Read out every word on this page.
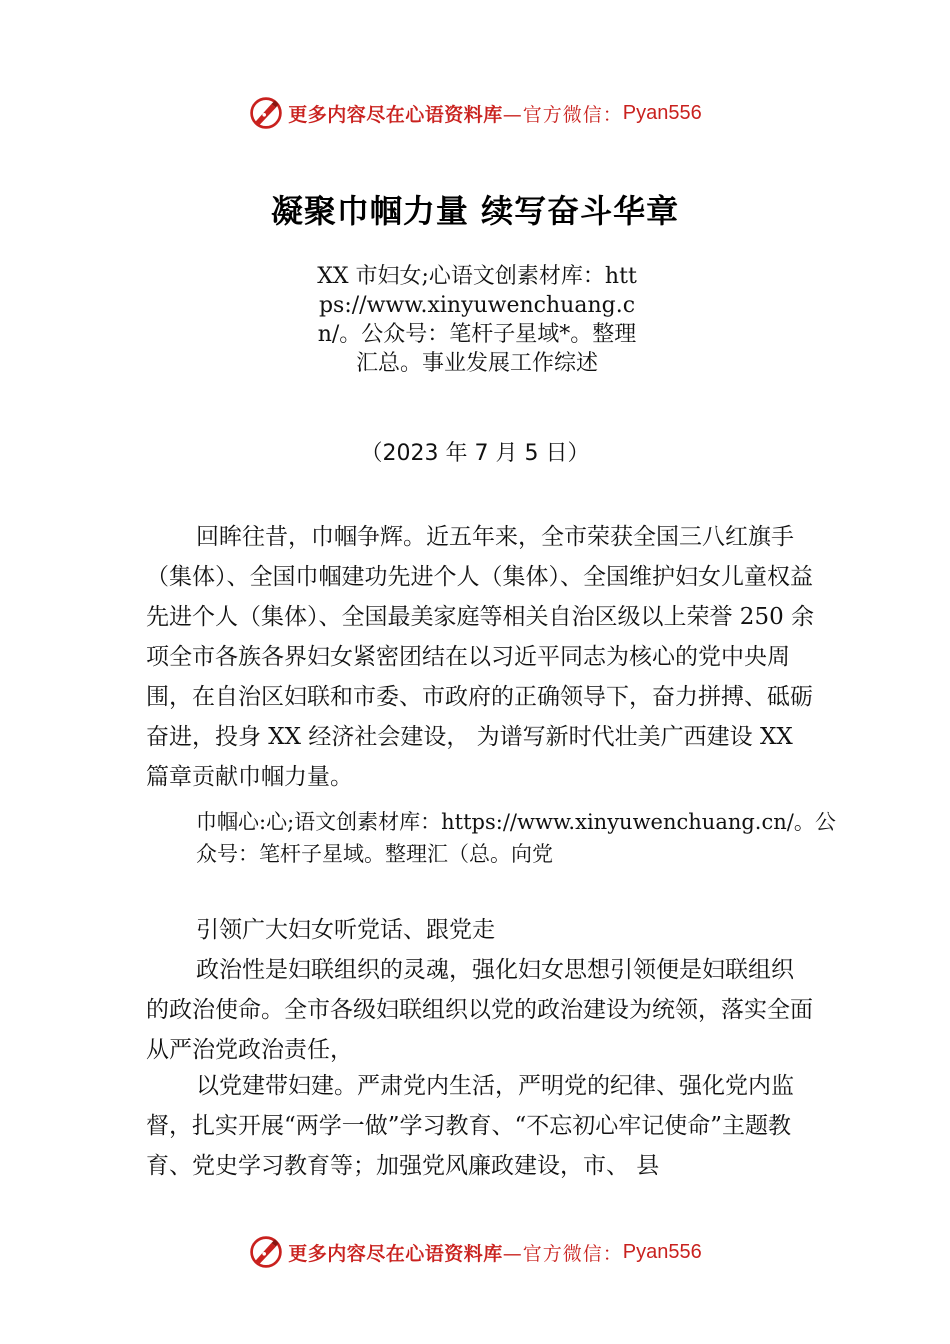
更多内容尽在心语资料库 —官方微信： Pyan556
凝聚巾帼力量 续写奋斗华章
XX 市妇女;心语文创素材库：https://www.xinyuwenchuang.cn/。公众号：笔杆子星域*。整理汇总。事业发展工作综述
（2023 年 7 月 5 日）

回眸往昔，巾帼争辉。近五年来，全市荣获全国三八红旗手（集体）、全国巾帼建功先进个人（集体）、全国维护妇女儿童权益先进个人（集体）、全国最美家庭等相关自治区级以上荣誉 250 余项全市各族各界妇女紧密团结在以习近平同志为核心的党中央周围，在自治区妇联和市委、市政府的正确领导下，奋力拼搏、砥砺奋进，投身 XX 经济社会建设， 为谱写新时代壮美广西建设 XX 篇章贡献巾帼力量。

巾帼心:心;语文创素材库：https://www.xinyuwenchuang.cn/。公众号：笔杆子星域。整理汇（总。向党

引领广大妇女听党话、跟党走

政治性是妇联组织的灵魂，强化妇女思想引领便是妇联组织的政治使命。全市各级妇联组织以党的政治建设为统领，落实全面从严治党政治责任，

以党建带妇建。严肃党内生活，严明党的纪律、强化党内监督，扎实开展“两学一做”学习教育、“不忘初心牢记使命”主题教育、党史学习教育等；加强党风廉政建设，市、 县

更多内容尽在心语资料库 —官方微信： Pyan556
